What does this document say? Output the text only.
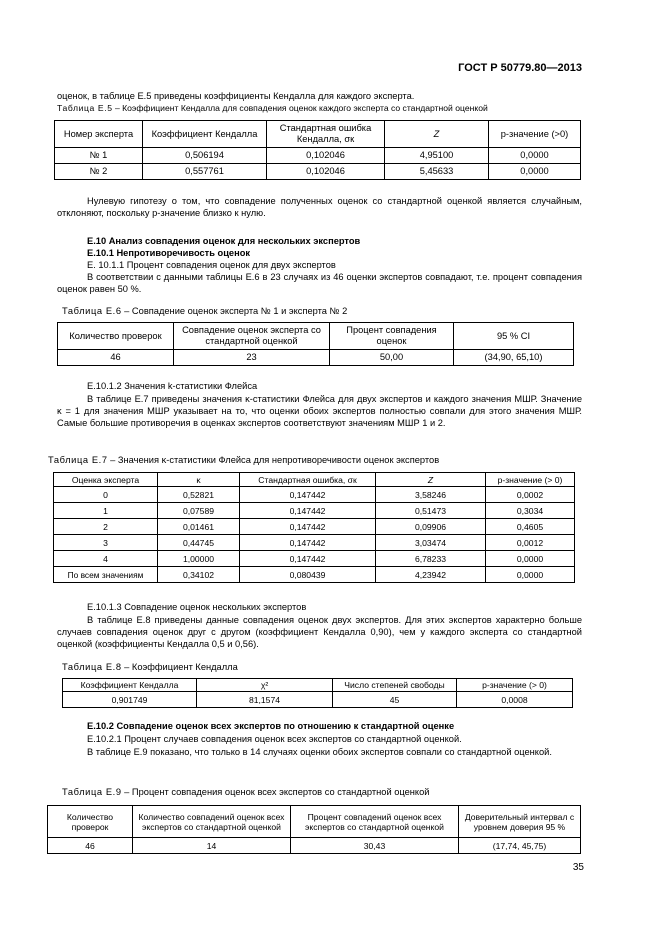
ГОСТ Р 50779.80—2013
оценок, в таблице Е.5 приведены коэффициенты Кендалла для каждого эксперта.
Таблица Е.5 – Коэффициент Кендалла для совпадения оценок каждого эксперта со стандартной оценкой
Номер эксперта	Коэффициент Кендалла	Стандартная ошибка Кендалла, σк	Z	р-значение (>0)
№ 1	0,506194	0,102046	4,95100	0,0000
№ 2	0,557761	0,102046	5,45633	0,0000
Нулевую гипотезу о том, что совпадение полученных оценок со стандартной оценкой является случайным, отклоняют, поскольку р-значение близко к нулю.
Е.10 Анализ совпадения оценок для нескольких экспертов
Е.10.1 Непротиворечивость оценок
Е. 10.1.1 Процент совпадения оценок для двух экспертов
В соответствии с данными таблицы Е.6 в 23 случаях из 46 оценки экспертов совпадают, т.е. процент совпадения оценок равен 50 %.
Таблица Е.6 – Совпадение оценок эксперта № 1 и эксперта № 2
Количество проверок	Совпадение оценок эксперта со стандартной оценкой	Процент совпадения оценок	95 % CI
46	23	50,00	(34,90, 65,10)
Е.10.1.2 Значения k-статистики Флейса
В таблице Е.7 приведены значения κ-статистики Флейса для двух экспертов и каждого значения МШР. Значение κ = 1 для значения МШР указывает на то, что оценки обоих экспертов полностью совпали для этого значения МШР. Самые большие противоречия в оценках экспертов соответствуют значениям МШР 1 и 2.
Таблица Е.7 – Значения κ-статистики Флейса для непротиворечивости оценок экспертов
Оценка эксперта	κ	Стандартная ошибка, σк	Z	р-значение (> 0)
0	0,52821	0,147442	3,58246	0,0002
1	0,07589	0,147442	0,51473	0,3034
2	0,01461	0,147442	0,09906	0,4605
3	0,44745	0,147442	3,03474	0,0012
4	1,00000	0,147442	6,78233	0,0000
По всем значениям	0,34102	0,080439	4,23942	0,0000
Е.10.1.3 Совпадение оценок нескольких экспертов
В таблице Е.8 приведены данные совпадения оценок двух экспертов. Для этих экспертов характерно больше случаев совпадения оценок друг с другом (коэффициент Кендалла 0,90), чем у каждого эксперта со стандартной оценкой (коэффициенты Кендалла 0,5 и 0,56).
Таблица Е.8 – Коэффициент Кендалла
Коэффициент Кендалла	χ²	Число степеней свободы	р-значение (> 0)
0,901749	81,1574	45	0,0008
Е.10.2 Совпадение оценок всех экспертов по отношению к стандартной оценке
Е.10.2.1 Процент случаев совпадения оценок всех экспертов со стандартной оценкой.
В таблице Е.9 показано, что только в 14 случаях оценки обоих экспертов совпали со стандартной оценкой.
Таблица Е.9 – Процент совпадения оценок всех экспертов со стандартной оценкой
Количество проверок	Количество совпадений оценок всех экспертов со стандартной оценкой	Процент совпадений оценок всех экспертов со стандартной оценкой	Доверительный интервал с уровнем доверия 95 %
46	14	30,43	(17,74, 45,75)
35
